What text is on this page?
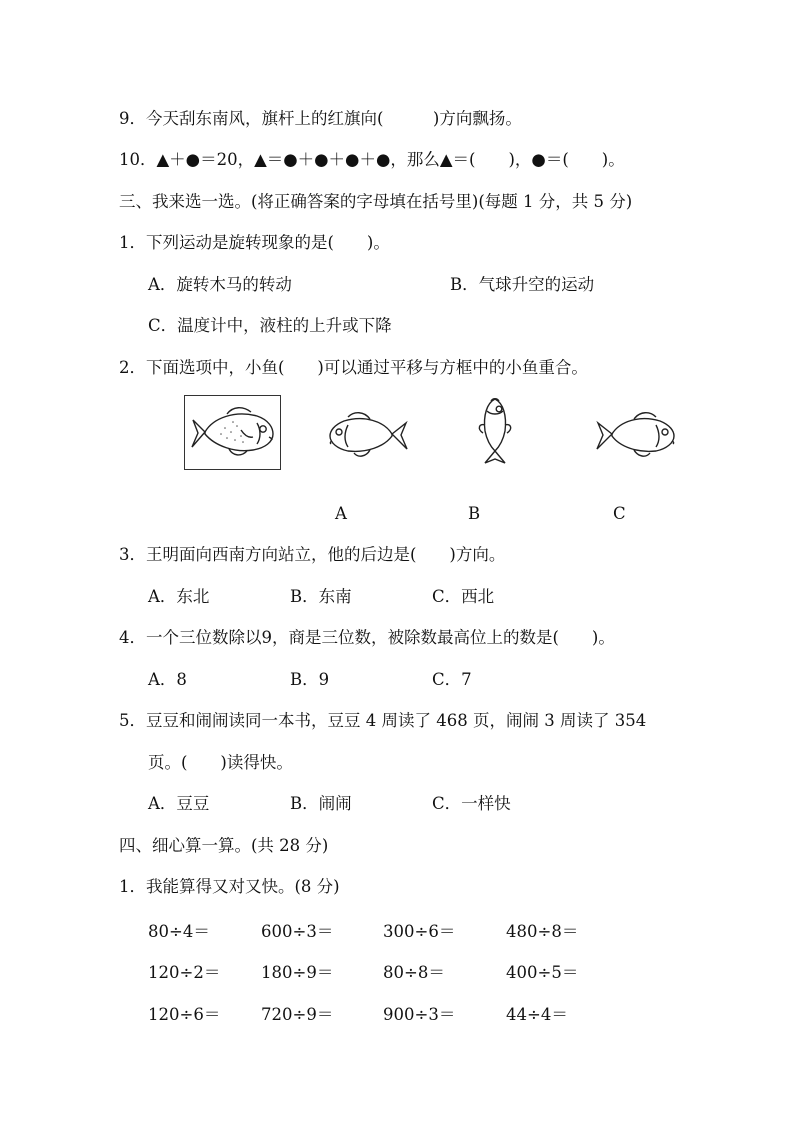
9．今天刮东南风，旗杆上的红旗向(　　　)方向飘扬。
10．▲＋●＝20，▲＝●＋●＋●＋●，那么▲＝(　　)，●＝(　　)。
三、我来选一选。(将正确答案的字母填在括号里)(每题 1 分，共 5 分)
1．下列运动是旋转现象的是(　　)。
A．旋转木马的转动	B．气球升空的运动
C．温度计中，液柱的上升或下降
2．下面选项中，小鱼(　　)可以通过平移与方框中的小鱼重合。
A	B	C
3．王明面向西南方向站立，他的后边是(　　)方向。
A．东北	B．东南	C．西北
4．一个三位数除以9，商是三位数，被除数最高位上的数是(　　)。
A．8	B．9	C．7
5．豆豆和闹闹读同一本书，豆豆 4 周读了 468 页，闹闹 3 周读了 354
页。(　　)读得快。
A．豆豆	B．闹闹	C．一样快
四、细心算一算。(共 28 分)
1．我能算得又对又快。(8 分)
80÷4＝	600÷3＝	300÷6＝	480÷8＝
120÷2＝ 180÷9＝	80÷8＝	400÷5＝
120÷6＝ 720÷9＝	900÷3＝	44÷4＝
